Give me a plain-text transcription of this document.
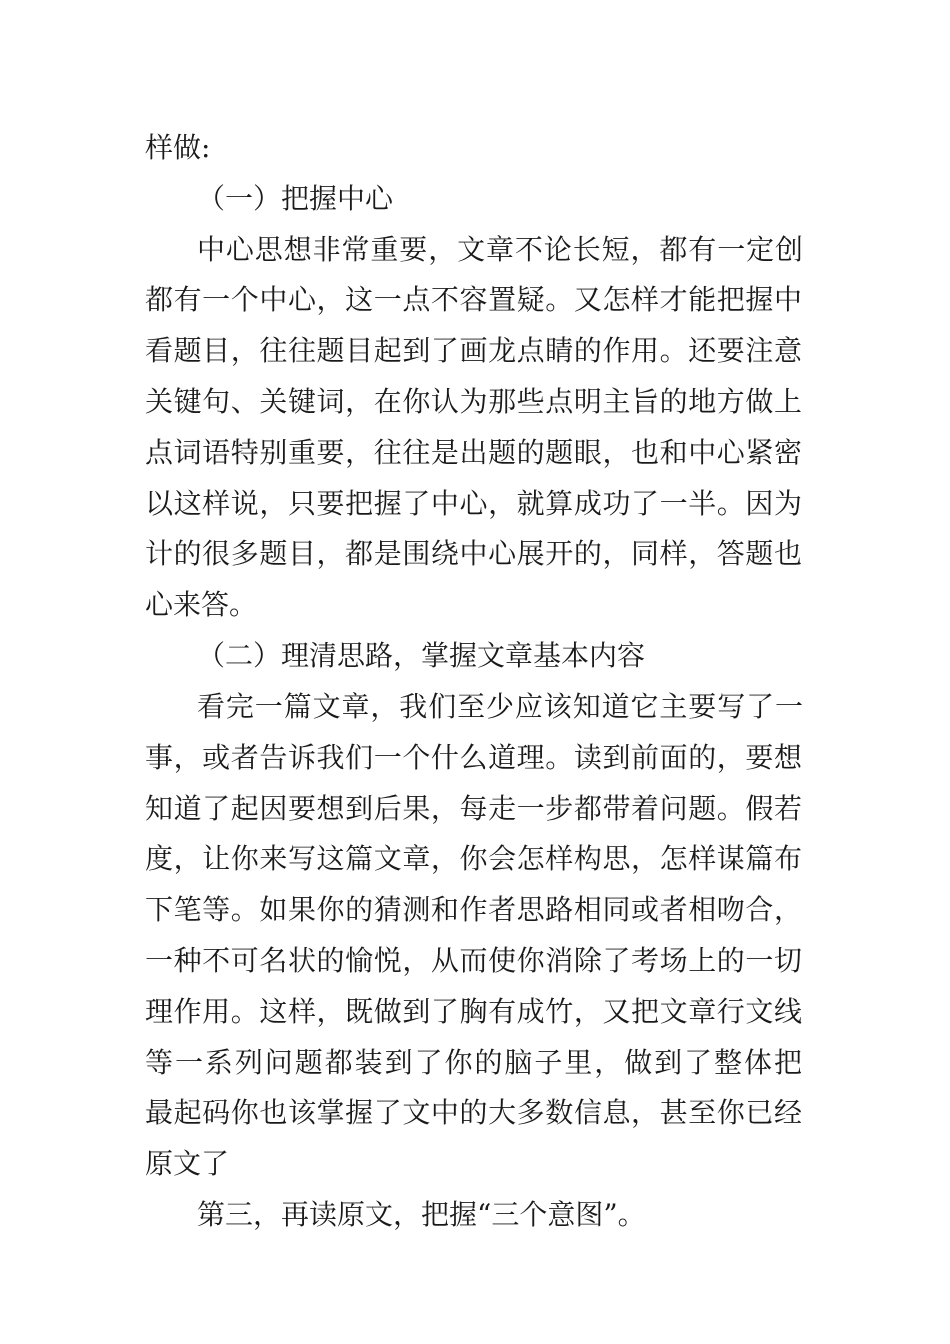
样做:
（一）把握中心
中心思想非常重要，文章不论长短，都有一定创
都有一个中心，这一点不容置疑。又怎样才能把握中
看题目，往往题目起到了画龙点睛的作用。还要注意
关键句、关键词，在你认为那些点明主旨的地方做上
点词语特别重要，往往是出题的题眼，也和中心紧密
以这样说，只要把握了中心，就算成功了一半。因为
计的很多题目，都是围绕中心展开的，同样，答题也
心来答。
（二）理清思路，掌握文章基本内容
看完一篇文章，我们至少应该知道它主要写了一
事，或者告诉我们一个什么道理。读到前面的，要想
知道了起因要想到后果，每走一步都带着问题。假若
度，让你来写这篇文章，你会怎样构思，怎样谋篇布
下笔等。如果你的猜测和作者思路相同或者相吻合，
一种不可名状的愉悦，从而使你消除了考场上的一切
理作用。这样，既做到了胸有成竹，又把文章行文线
等一系列问题都装到了你的脑子里，做到了整体把
最起码你也该掌握了文中的大多数信息，甚至你已经
原文了
第三，再读原文，把握“三个意图”。
